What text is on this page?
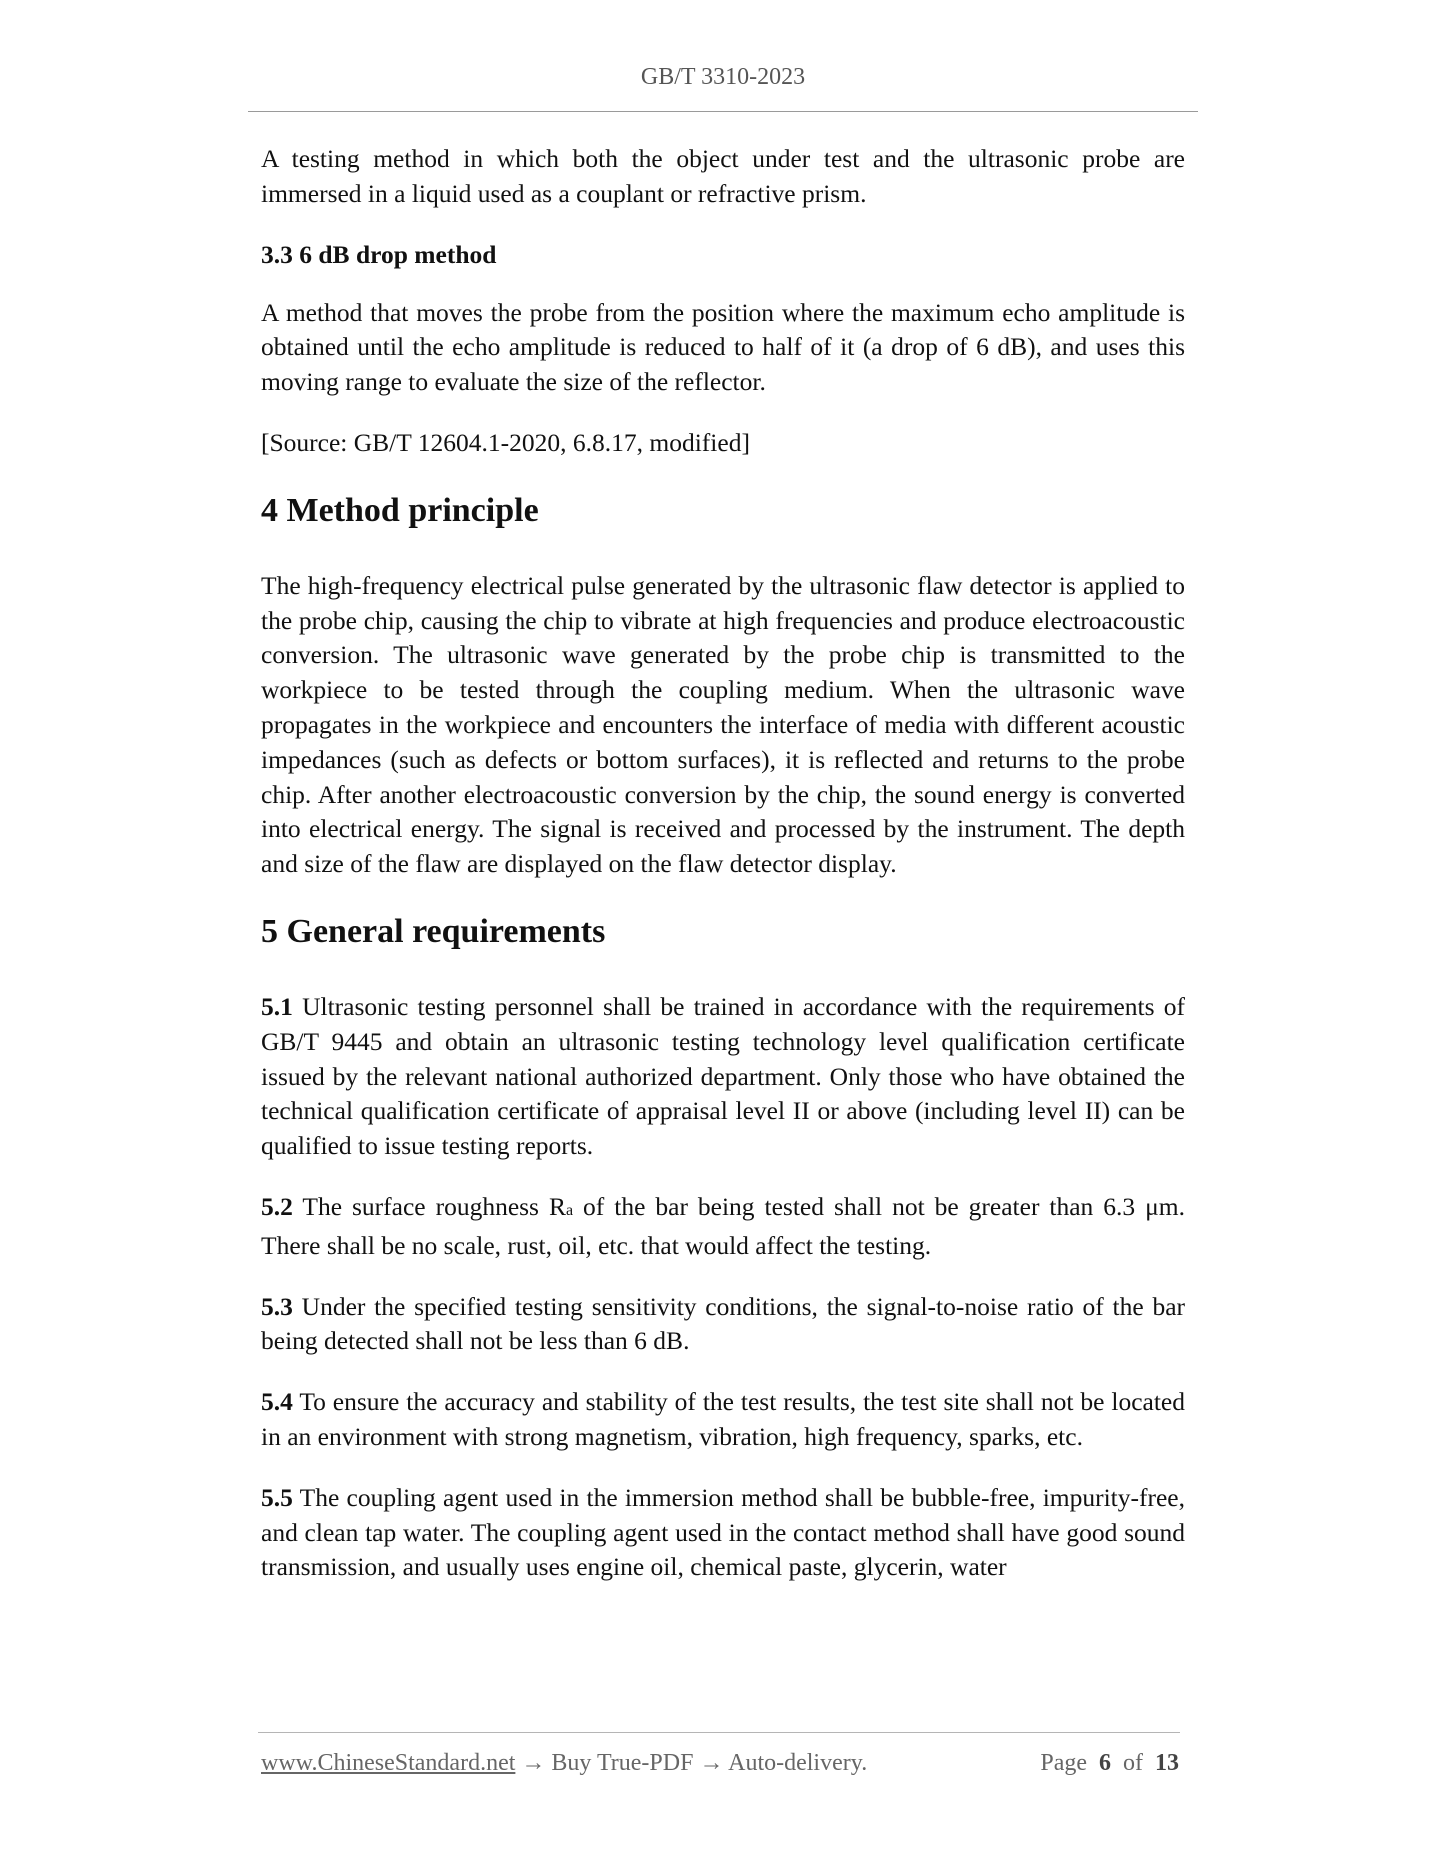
GB/T 3310-2023

A testing method in which both the object under test and the ultrasonic probe are immersed in a liquid used as a couplant or refractive prism.

3.3 6 dB drop method

A method that moves the probe from the position where the maximum echo amplitude is obtained until the echo amplitude is reduced to half of it (a drop of 6 dB), and uses this moving range to evaluate the size of the reflector.

[Source: GB/T 12604.1-2020, 6.8.17, modified]

4 Method principle

The high-frequency electrical pulse generated by the ultrasonic flaw detector is applied to the probe chip, causing the chip to vibrate at high frequencies and produce electroacoustic conversion. The ultrasonic wave generated by the probe chip is transmitted to the workpiece to be tested through the coupling medium. When the ultrasonic wave propagates in the workpiece and encounters the interface of media with different acoustic impedances (such as defects or bottom surfaces), it is reflected and returns to the probe chip. After another electroacoustic conversion by the chip, the sound energy is converted into electrical energy. The signal is received and processed by the instrument. The depth and size of the flaw are displayed on the flaw detector display.

5 General requirements

5.1 Ultrasonic testing personnel shall be trained in accordance with the requirements of GB/T 9445 and obtain an ultrasonic testing technology level qualification certificate issued by the relevant national authorized department. Only those who have obtained the technical qualification certificate of appraisal level II or above (including level II) can be qualified to issue testing reports.

5.2 The surface roughness Ra of the bar being tested shall not be greater than 6.3 μm. There shall be no scale, rust, oil, etc. that would affect the testing.

5.3 Under the specified testing sensitivity conditions, the signal-to-noise ratio of the bar being detected shall not be less than 6 dB.

5.4 To ensure the accuracy and stability of the test results, the test site shall not be located in an environment with strong magnetism, vibration, high frequency, sparks, etc.

5.5 The coupling agent used in the immersion method shall be bubble-free, impurity-free, and clean tap water. The coupling agent used in the contact method shall have good sound transmission, and usually uses engine oil, chemical paste, glycerin, water

www.ChineseStandard.net → Buy True-PDF → Auto-delivery.	Page 6 of 13
